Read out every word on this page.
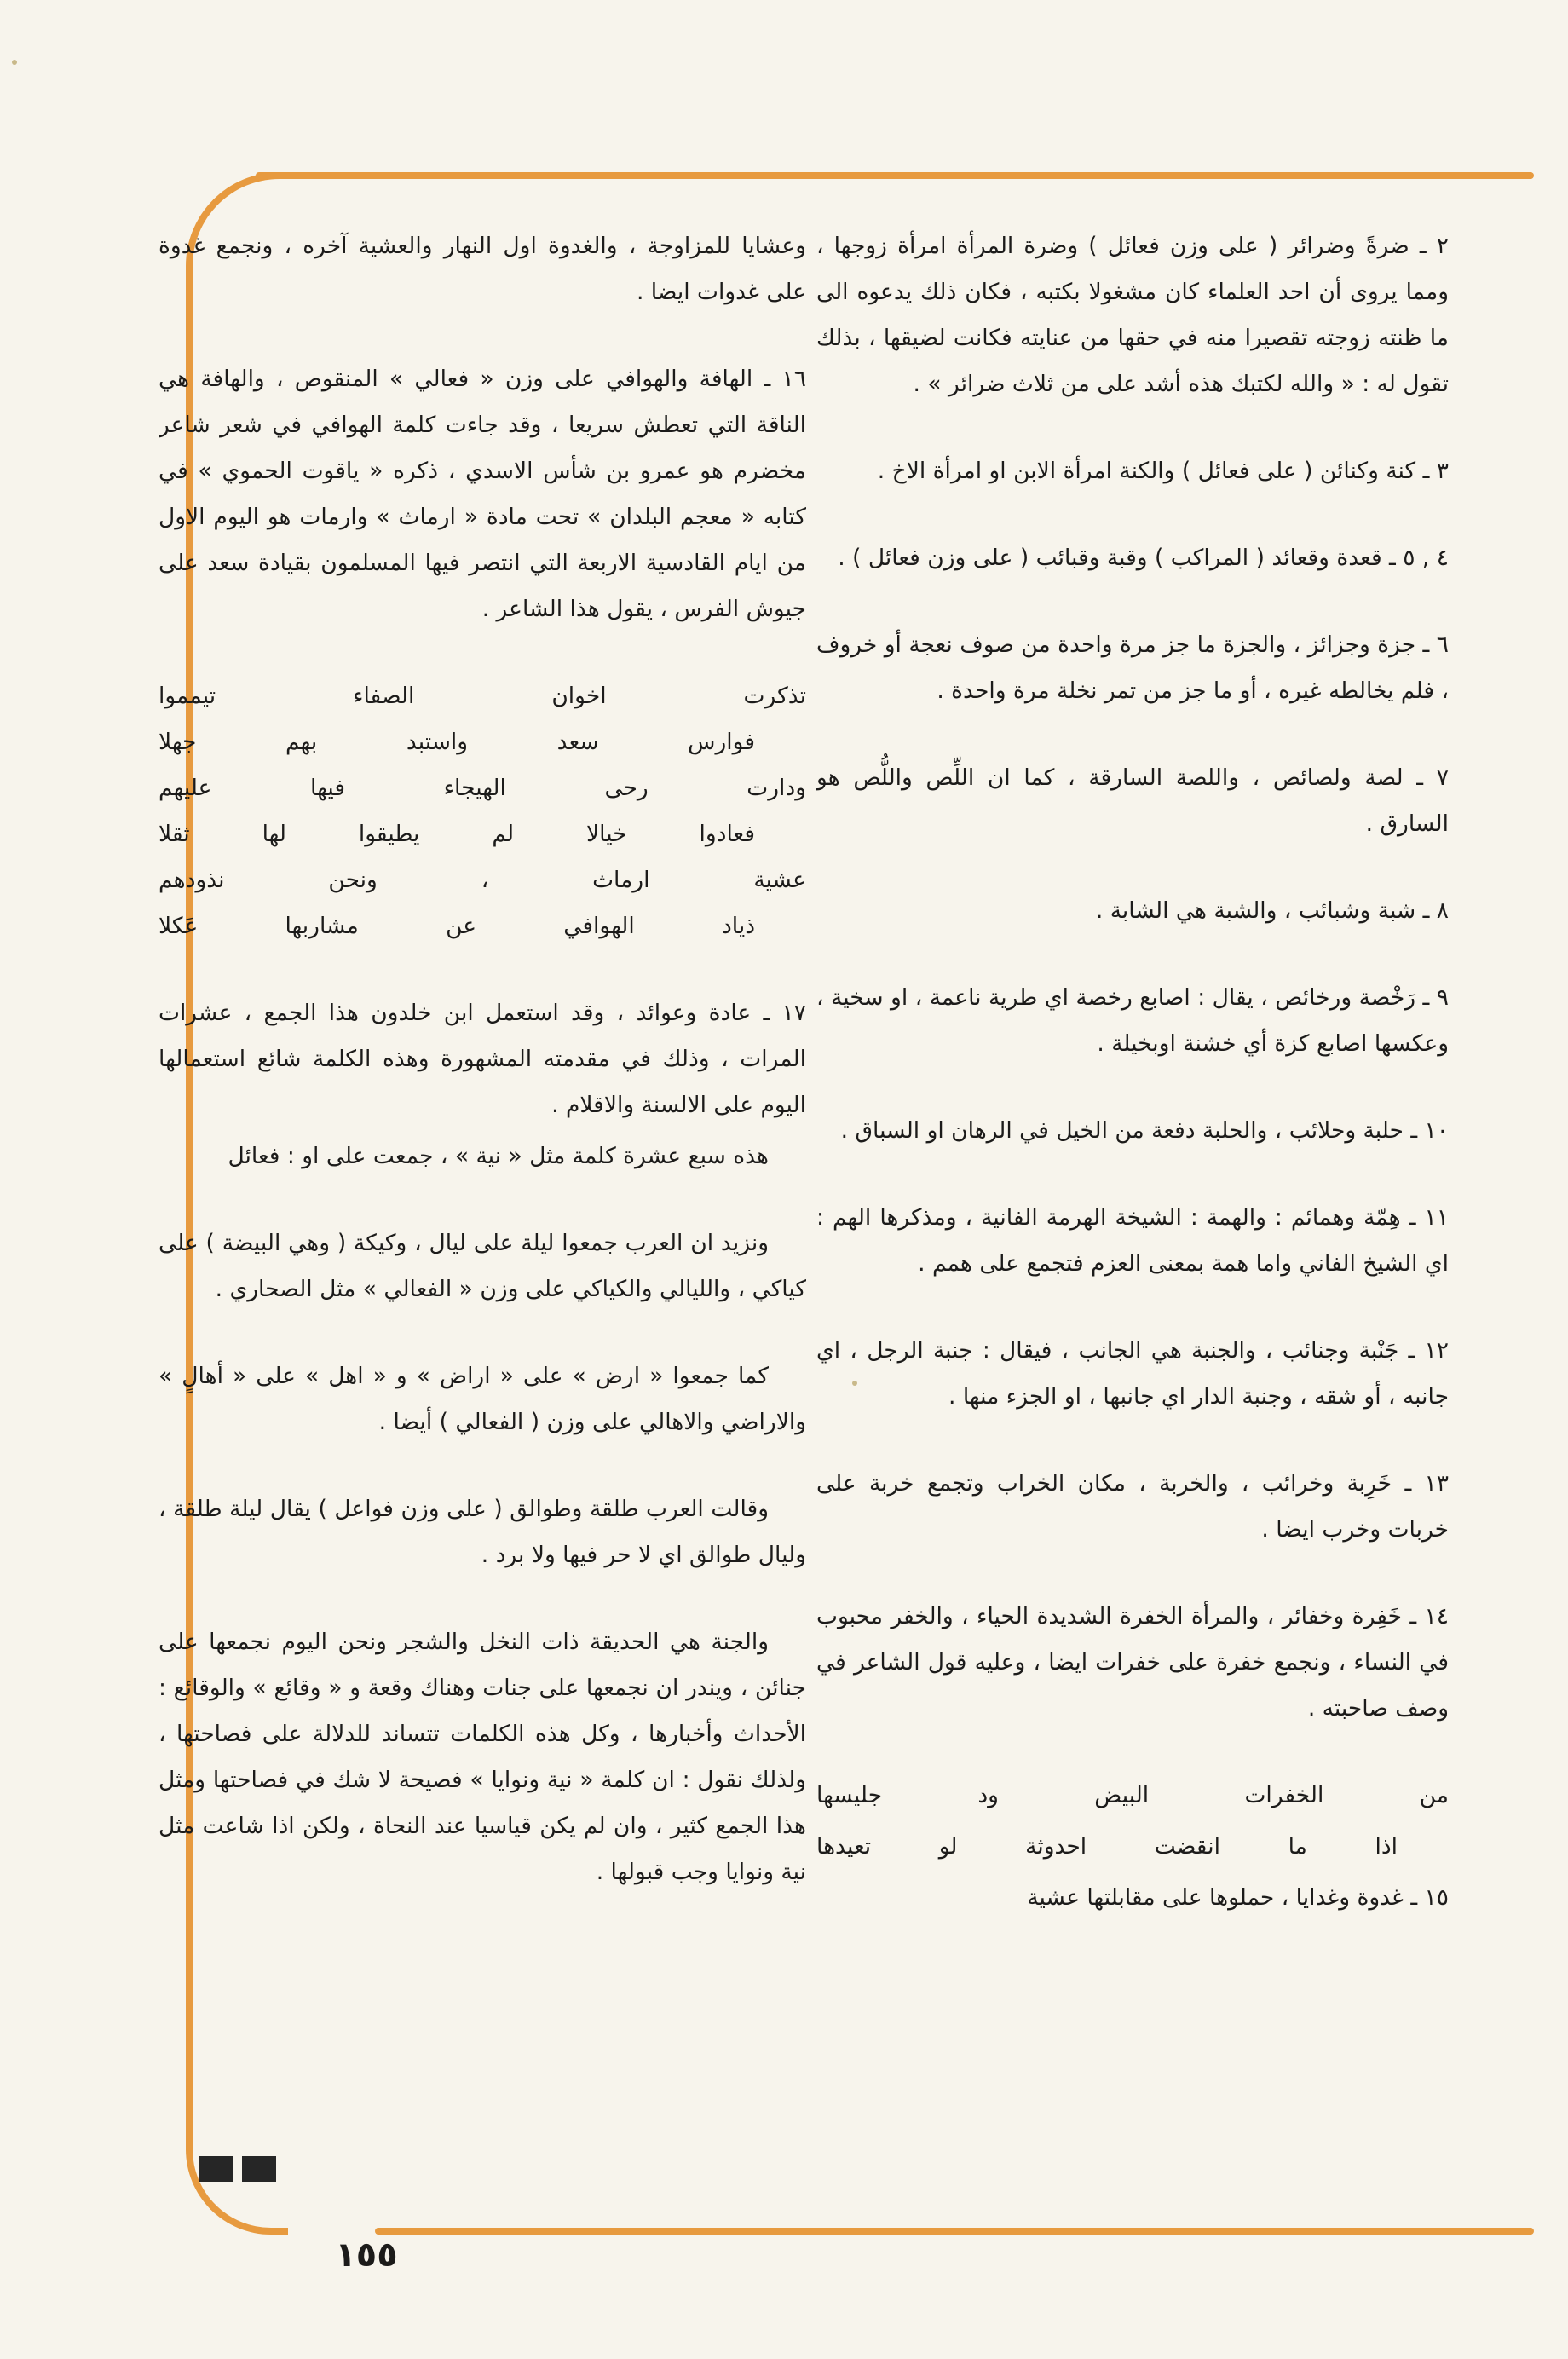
٢ ـ ضرةً وضرائر ( على وزن فعائل ) وضرة المرأة امرأة زوجها ، ومما يروى أن احد العلماء كان مشغولا بكتبه ، فكان ذلك يدعوه الى ما ظنته زوجته تقصيرا منه في حقها من عنايته فكانت لضيقها ، بذلك تقول له : « والله لكتبك هذه أشد على من ثلاث ضرائر » .

٣ ـ كنة وكنائن ( على فعائل ) والكنة امرأة الابن او امرأة الاخ .

٤ , ٥ ـ قعدة وقعائد ( المراكب ) وقبة وقبائب ( على وزن فعائل ) .

٦ ـ جزة وجزائز ، والجزة ما جز مرة واحدة من صوف نعجة أو خروف ، فلم يخالطه غيره ، أو ما جز من تمر نخلة مرة واحدة .

٧ ـ لصة ولصائص ، واللصة السارقة ، كما ان اللِّص واللُّص هو السارق .

٨ ـ شبة وشبائب ، والشبة هي الشابة .

٩ ـ رَخْصة ورخائص ، يقال : اصابع رخصة اي طرية ناعمة ، او سخية ، وعكسها اصابع كزة أي خشنة اوبخيلة .

١٠ ـ حلبة وحلائب ، والحلبة دفعة من الخيل في الرهان او السباق .

١١ ـ هِمّة وهمائم : والهمة : الشيخة الهرمة الفانية ، ومذكرها الهم : اي الشيخ الفاني واما همة بمعنى العزم فتجمع على همم .

١٢ ـ جَنْبة وجنائب ، والجنبة هي الجانب ، فيقال : جنبة الرجل ، اي جانبه ، أو شقه ، وجنبة الدار اي جانبها ، او الجزء منها .

١٣ ـ خَرِبة وخرائب ، والخربة ، مكان الخراب وتجمع خربة على خربات وخرب ايضا .

١٤ ـ خَفِرة وخفائر ، والمرأة الخفرة الشديدة الحياء ، والخفر محبوب في النساء ، ونجمع خفرة على خفرات ايضا ، وعليه قول الشاعر في وصف صاحبته .

من الخفرات البيض ود جليسها

اذا ما انقضت احدوثة لو تعيدها

١٥ ـ غدوة وغدايا ، حملوها على مقابلتها عشية

وعشايا للمزاوجة ، والغدوة اول النهار والعشية آخره ، ونجمع غدوة على غدوات ايضا .

١٦ ـ الهافة والهوافي على وزن « فعالي » المنقوص ، والهافة هي الناقة التي تعطش سريعا ، وقد جاءت كلمة الهوافي في شعر شاعر مخضرم هو عمرو بن شأس الاسدي ، ذكره « ياقوت الحموي » في كتابه « معجم البلدان » تحت مادة « ارماث » وارمات هو اليوم الاول من ايام القادسية الاربعة التي انتصر فيها المسلمون بقيادة سعد على جيوش الفرس ، يقول هذا الشاعر .

تذكرت
اخوان
الصفاء
تيمموا
فوارس
سعد
واستبد
بهم
جهلا
ودارت
رحى
الهيجاء
فيها
عليهم
فعادوا
خيالا
لم
يطيقوا
لها
ثقلا
عشية
ارماث
،
ونحن
نذودهم
ذياد
الهوافي
عن
مشاربها
عَكلا

١٧ ـ عادة وعوائد ، وقد استعمل ابن خلدون هذا الجمع ، عشرات المرات ، وذلك في مقدمته المشهورة وهذه الكلمة شائع استعمالها اليوم على الالسنة والاقلام .

هذه سبع عشرة كلمة مثل « نية » ، جمعت على او : فعائل

ونزيد ان العرب جمعوا ليلة على ليال ، وكيكة ( وهي البيضة ) على كياكي ، والليالي والكياكي على وزن « الفعالي » مثل الصحاري .

كما جمعوا « ارض » على « اراض » و « اهل » على « أهالٍ » والاراضي والاهالي على وزن ( الفعالي ) أيضا .

وقالت العرب طلقة وطوالق ( على وزن فواعل ) يقال ليلة طلقة ، وليال طوالق اي لا حر فيها ولا برد .

والجنة هي الحديقة ذات النخل والشجر ونحن اليوم نجمعها على جنائن ، ويندر ان نجمعها على جنات وهناك وقعة و « وقائع » والوقائع : الأحداث وأخبارها ، وكل هذه الكلمات تتساند للدلالة على فصاحتها ، ولذلك نقول : ان كلمة « نية ونوايا » فصيحة لا شك في فصاحتها ومثل هذا الجمع كثير ، وان لم يكن قياسيا عند النحاة ، ولكن اذا شاعت مثل نية ونوايا وجب قبولها .

١٥٥
